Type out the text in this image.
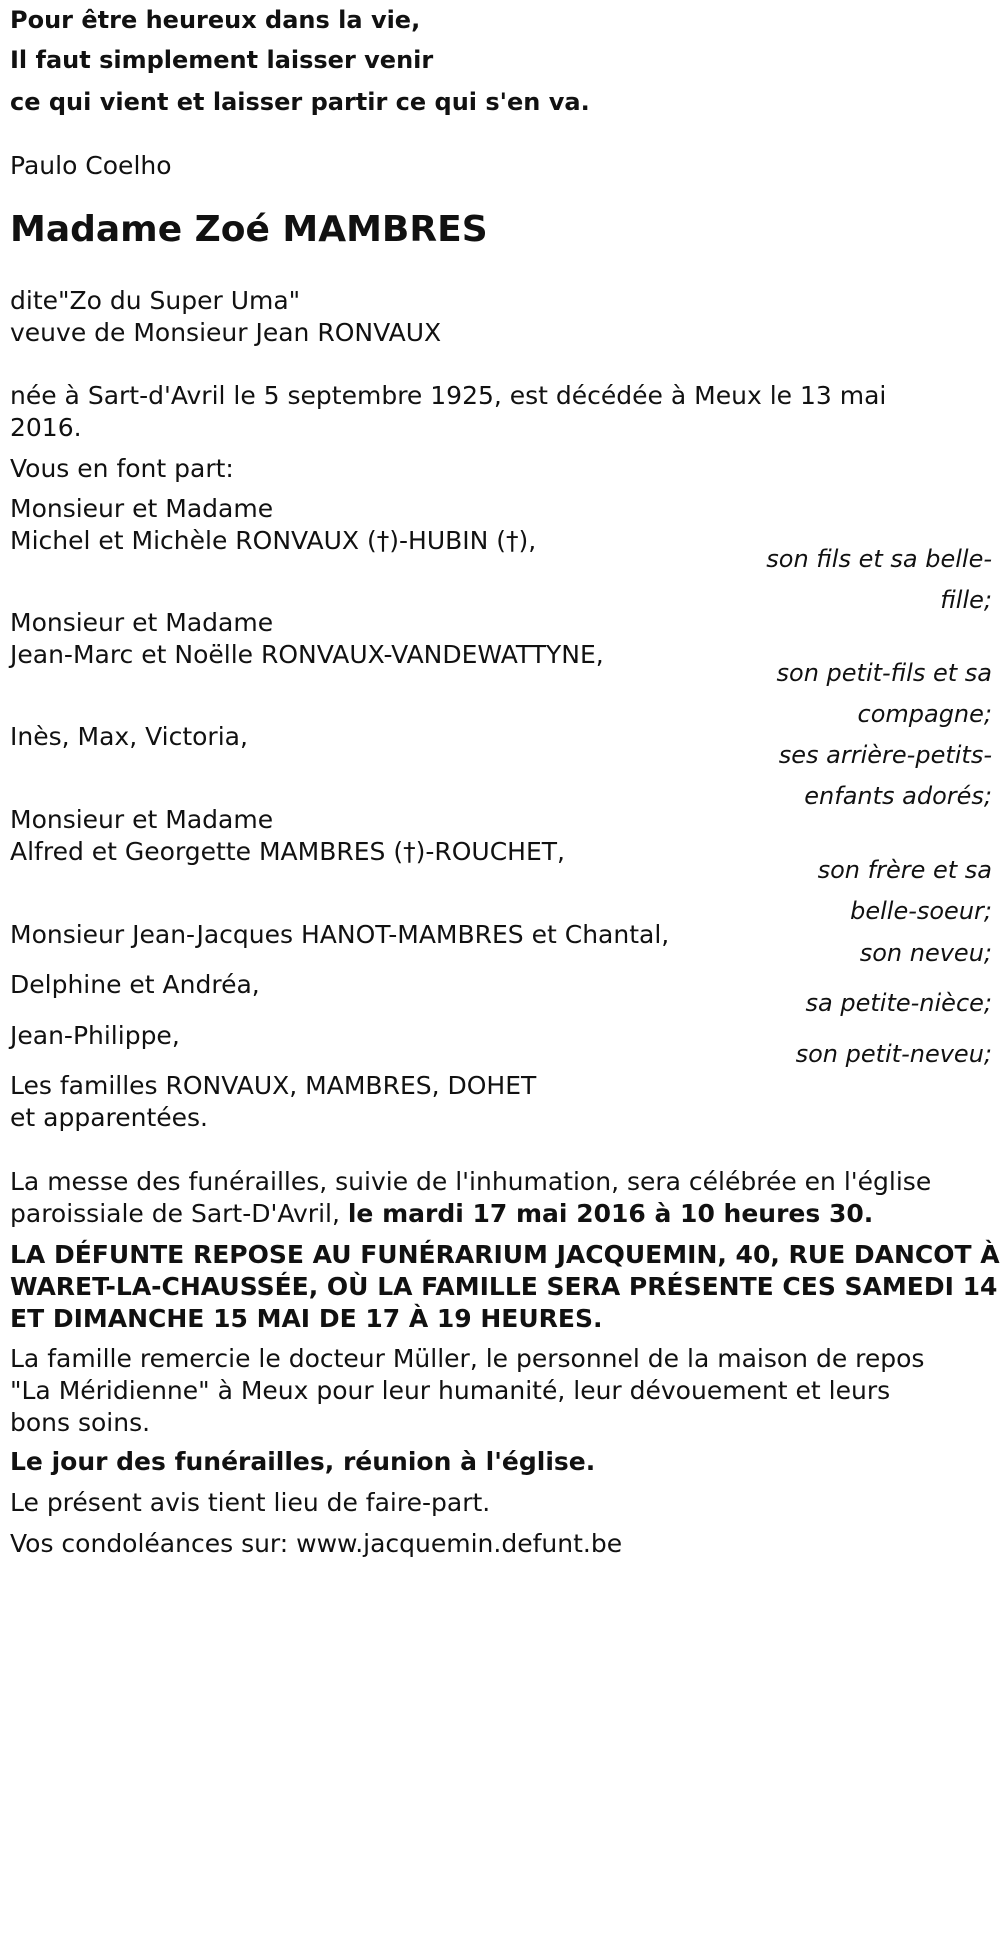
Pour être heureux dans la vie,

Il faut simplement laisser venir

ce qui vient et laisser partir ce qui s'en va.

Paulo Coelho

Madame Zoé MAMBRES

dite"Zo du Super Uma"

veuve de Monsieur Jean RONVAUX

née à Sart-d'Avril le 5 septembre 1925, est décédée à Meux le 13 mai

2016.

Vous en font part:

Monsieur et Madame

Michel et Michèle RONVAUX (†)-HUBIN (†),

son fils et sa belle-
fille;

Monsieur et Madame

Jean-Marc et Noëlle RONVAUX-VANDEWATTYNE,

son petit-fils et sa
compagne;

Inès, Max, Victoria,

ses arrière-petits-
enfants adorés;

Monsieur et Madame

Alfred et Georgette MAMBRES (†)-ROUCHET,

son frère et sa
belle-soeur;

Monsieur Jean-Jacques HANOT-MAMBRES et Chantal,

son neveu;

Delphine et Andréa,

sa petite-nièce;

Jean-Philippe,

son petit-neveu;

Les familles RONVAUX, MAMBRES, DOHET

et apparentées.

La messe des funérailles, suivie de l'inhumation, sera célébrée en l'église

paroissiale de Sart-D'Avril, le mardi 17 mai 2016 à 10 heures 30.

LA DÉFUNTE REPOSE AU FUNÉRARIUM JACQUEMIN, 40, RUE DANCOT À

WARET-LA-CHAUSSÉE, OÙ LA FAMILLE SERA PRÉSENTE CES SAMEDI 14

ET DIMANCHE 15 MAI DE 17 À 19 HEURES.

La famille remercie le docteur Müller, le personnel de la maison de repos

"La Méridienne" à Meux pour leur humanité, leur dévouement et leurs

bons soins.

Le jour des funérailles, réunion à l'église.

Le présent avis tient lieu de faire-part.

Vos condoléances sur: www.jacquemin.defunt.be
